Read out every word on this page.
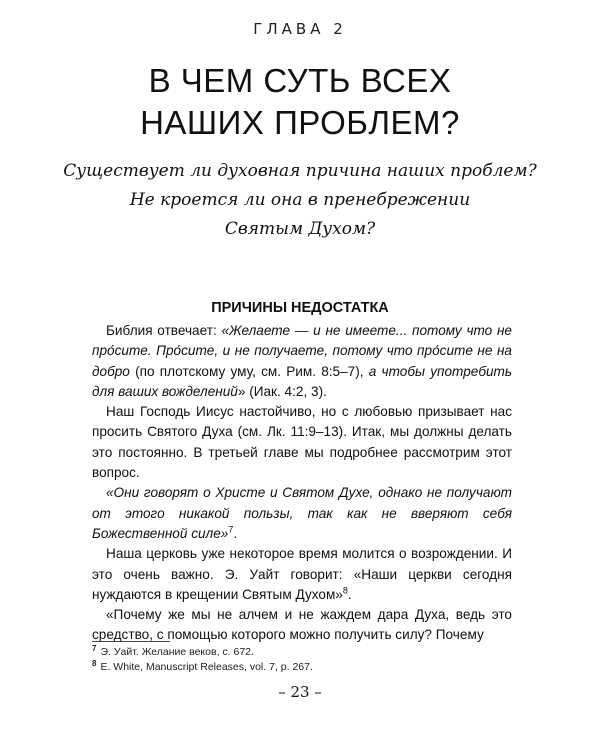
ГЛАВА 2
В ЧЕМ СУТЬ ВСЕХ
НАШИХ ПРОБЛЕМ?
Существует ли духовная причина наших проблем?
Не кроется ли она в пренебрежении
Святым Духом?
ПРИЧИНЫ НЕДОСТАТКА

Библия отвечает: «Желаете — и не имеете... потому что не про́сите. Про́сите, и не получаете, потому что про́сите не на добро (по плотскому уму, см. Рим. 8:5–7), а чтобы употребить для ваших вожделений» (Иак. 4:2, 3).

Наш Господь Иисус настойчиво, но с любовью призывает нас просить Святого Духа (см. Лк. 11:9–13). Итак, мы должны делать это постоянно. В третьей главе мы подробнее рассмотрим этот вопрос.

«Они говорят о Христе и Святом Духе, однако не получают от этого никакой пользы, так как не вверяют себя Божественной силе»$^7$.

Наша церковь уже некоторое время молится о возрождении. И это очень важно. Э. Уайт говорит: «Наши церкви сегодня нуждаются в крещении Святым Духом»$^8$.

«Почему же мы не алчем и не жаждем дара Духа, ведь это средство, с помощью которого можно получить силу? Почему

$^7$ Э. Уайт. Желание веков, с. 672.
$^8$ E. White, Manuscript Releases, vol. 7, p. 267.
– 23 –
